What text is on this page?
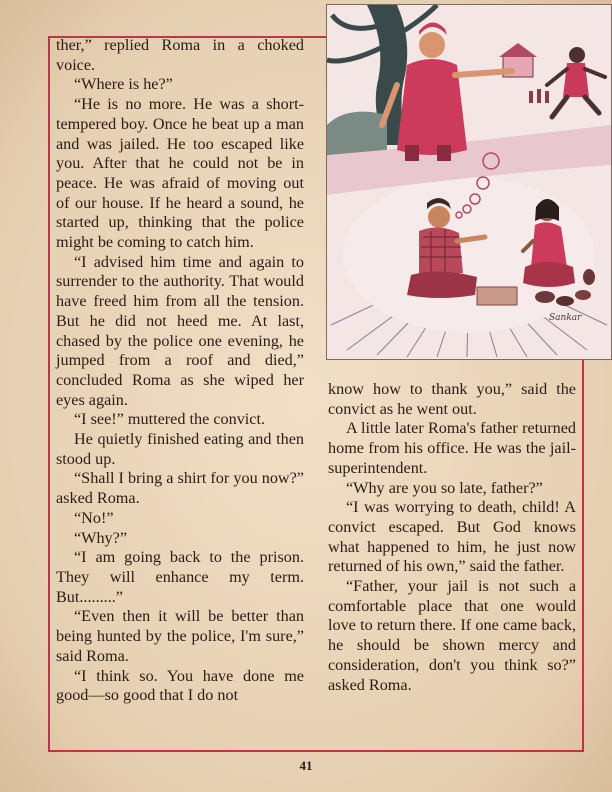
ther,” replied Roma in a choked voice.

“Where is he?”

“He is no more. He was a short-tempered boy. Once he beat up a man and was jailed. He too escaped like you. After that he could not be in peace. He was afraid of moving out of our house. If he heard a sound, he started up, thinking that the police might be coming to catch him.

“I advised him time and again to surrender to the authority. That would have freed him from all the tension. But he did not heed me. At last, chased by the police one evening, he jumped from a roof and died,” concluded Roma as she wiped her eyes again.

“I see!” muttered the convict.

He quietly finished eating and then stood up.

“Shall I bring a shirt for you now?” asked Roma.

“No!”

“Why?”

“I am going back to the prison. They will enhance my term. But.........”

“Even then it will be better than being hunted by the police, I'm sure,” said Roma.

“I think so. You have done me good—so good that I do not

Sankar

know how to thank you,” said the convict as he went out.

A little later Roma's father returned home from his office. He was the jail-superintendent.

“Why are you so late, father?”

“I was worrying to death, child! A convict escaped. But God knows what happened to him, he just now returned of his own,” said the father.

“Father, your jail is not such a comfortable place that one would love to return there. If one came back, he should be shown mercy and consideration, don't you think so?” asked Roma.

41
